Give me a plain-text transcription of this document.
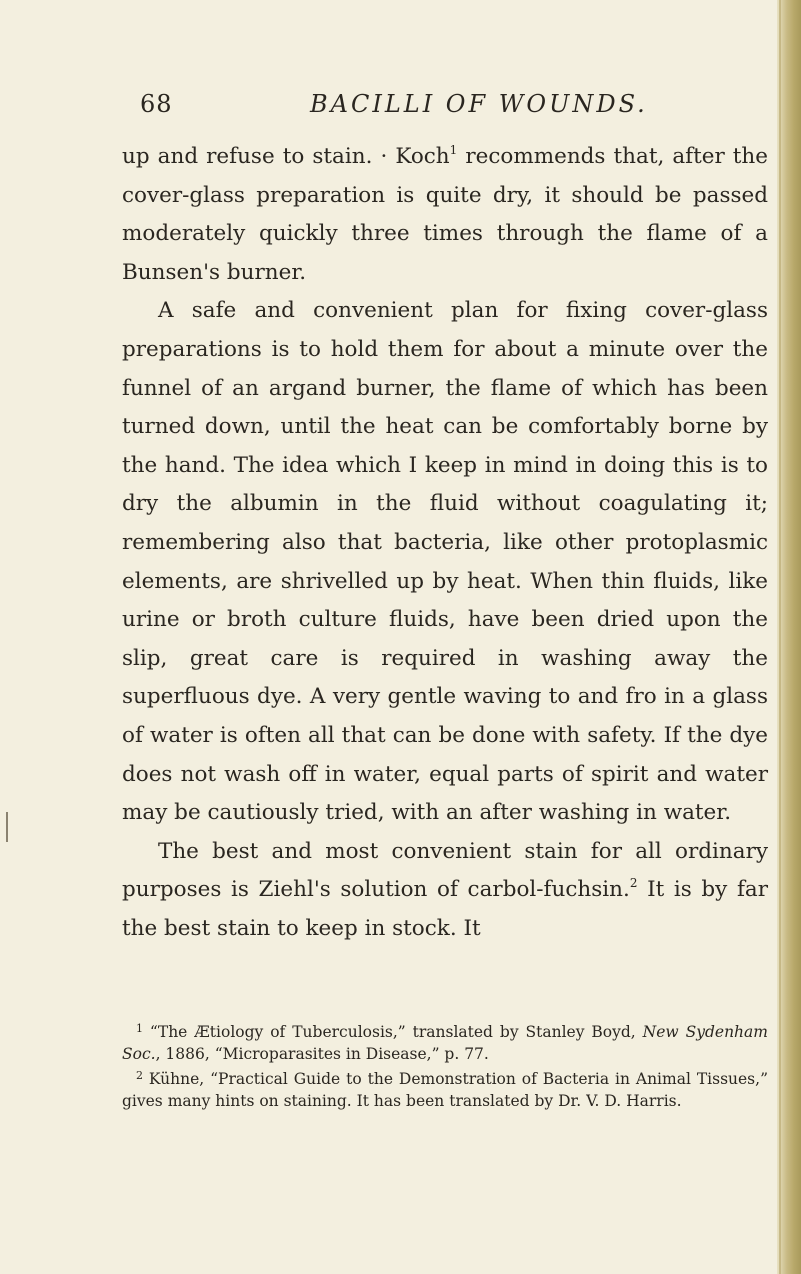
68	BACILLI OF WOUNDS.

up and refuse to stain. · Koch$^1$ recommends that, after the cover-glass preparation is quite dry, it should be passed moderately quickly three times through the flame of a Bunsen's burner.

A safe and convenient plan for fixing cover-glass preparations is to hold them for about a minute over the funnel of an argand burner, the flame of which has been turned down, until the heat can be comfortably borne by the hand. The idea which I keep in mind in doing this is to dry the albumin in the fluid without coagulating it; remembering also that bacteria, like other protoplasmic elements, are shrivelled up by heat. When thin fluids, like urine or broth culture fluids, have been dried upon the slip, great care is required in washing away the superfluous dye. A very gentle waving to and fro in a glass of water is often all that can be done with safety. If the dye does not wash off in water, equal parts of spirit and water may be cautiously tried, with an after washing in water.

The best and most convenient stain for all ordinary purposes is Ziehl's solution of carbol-fuchsin.$^2$ It is by far the best stain to keep in stock. It

$^1$ “The Ætiology of Tuberculosis,” translated by Stanley Boyd, New Sydenham Soc., 1886, “Microparasites in Disease,” p. 77.

$^2$ Kühne, “Practical Guide to the Demonstration of Bacteria in Animal Tissues,” gives many hints on staining. It has been translated by Dr. V. D. Harris.
